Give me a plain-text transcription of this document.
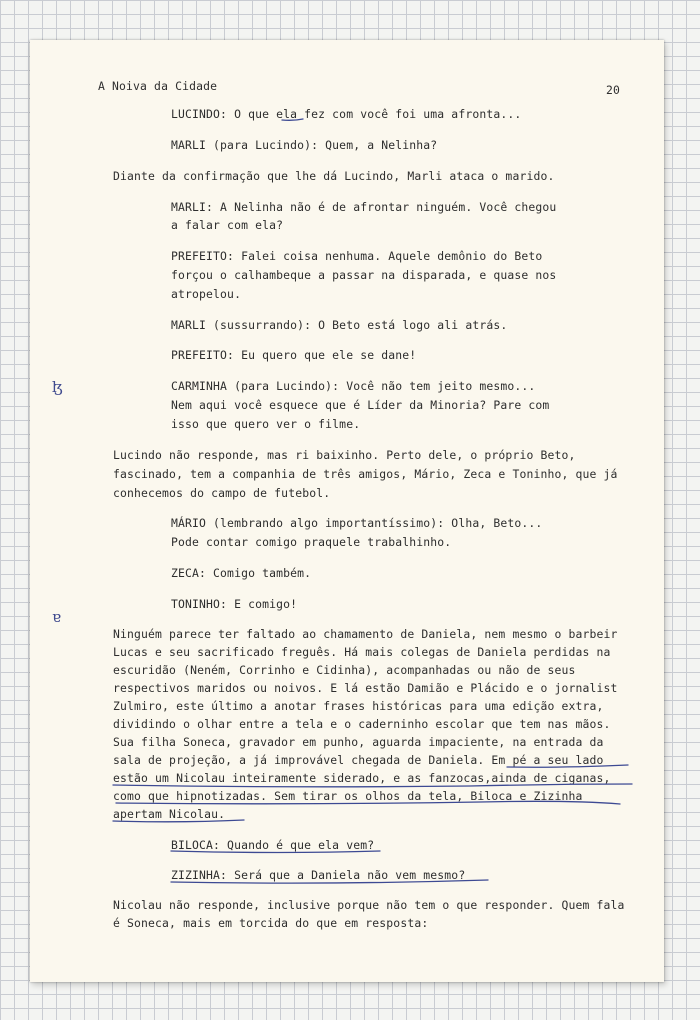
A Noiva da Cidade	20
LUCINDO: O que ela fez com você foi uma afronta...
MARLI (para Lucindo): Quem, a Nelinha?
Diante da confirmação que lhe dá Lucindo, Marli ataca o marido.
MARLI: A Nelinha não é de afrontar ninguém. Você chegou
a falar com ela?
PREFEITO: Falei coisa nenhuma. Aquele demônio do Beto
forçou o calhambeque a passar na disparada, e quase nos
atropelou.
MARLI (sussurrando): O Beto está logo ali atrás.
PREFEITO: Eu quero que ele se dane!
CARMINHA (para Lucindo): Você não tem jeito mesmo...
Nem aqui você esquece que é Líder da Minoria? Pare com
isso que quero ver o filme.
Lucindo não responde, mas ri baixinho. Perto dele, o próprio Beto,
fascinado, tem a companhia de três amigos, Mário, Zeca e Toninho, que já
conhecemos do campo de futebol.
MÁRIO (lembrando algo importantíssimo): Olha, Beto...
Pode contar comigo praquele trabalhinho.
ZECA: Comigo também.
TONINHO: E comigo!
Ninguém parece ter faltado ao chamamento de Daniela, nem mesmo o barbeir
Lucas e seu sacrificado freguês. Há mais colegas de Daniela perdidas na
escuridão (Neném, Corrinho e Cidinha), acompanhadas ou não de seus
respectivos maridos ou noivos. E lá estão Damião e Plácido e o jornalist
Zulmiro, este último a anotar frases históricas para uma edição extra,
dividindo o olhar entre a tela e o caderninho escolar que tem nas mãos.
Sua filha Soneca, gravador em punho, aguarda impaciente, na entrada da
sala de projeção, a já improvável chegada de Daniela. Em pé a seu lado
estão um Nicolau inteiramente siderado, e as fanzocas,ainda de ciganas,
como que hipnotizadas. Sem tirar os olhos da tela, Biloca e Zizinha
apertam Nicolau.
BILOCA: Quando é que ela vem?
ZIZINHA: Será que a Daniela não vem mesmo?
Nicolau não responde, inclusive porque não tem o que responder. Quem fala
é Soneca, mais em torcida do que em resposta:
ɮ
ɐ
